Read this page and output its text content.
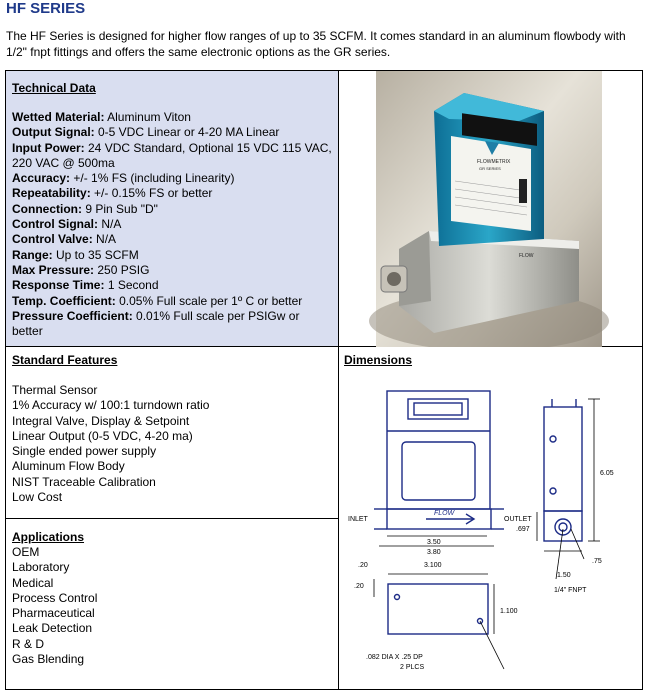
HF SERIES
The HF Series is designed for higher flow ranges of up to 35 SCFM. It comes standard in an aluminum flowbody with 1/2" fnpt fittings and offers the same electronic options as the GR series.
Technical Data
Wetted Material: Aluminum Viton
Output Signal: 0-5 VDC Linear or 4-20 MA Linear
Input Power: 24 VDC Standard, Optional 15 VDC 115 VAC, 220 VAC @ 500ma
Accuracy: +/- 1% FS (including Linearity)
Repeatability: +/- 0.15% FS or better
Connection: 9 Pin Sub "D"
Control Signal: N/A
Control Valve: N/A
Range: Up to 35 SCFM
Max Pressure: 250 PSIG
Response Time: 1 Second
Temp. Coefficient: 0.05% Full scale per 1º C or better
Pressure Coefficient: 0.01% Full scale per PSIGw or better
FLOWMETRIX
GR SERIES
FLOW
Standard Features
Thermal Sensor
1% Accuracy w/ 100:1 turndown ratio
Integral Valve, Display & Setpoint
Linear Output (0-5 VDC, 4-20 ma)
Single ended power supply
Aluminum Flow Body
NIST Traceable Calibration
Low Cost
Applications
OEM
Laboratory
Medical
Process Control
Pharmaceutical
Leak Detection
R & D
Gas Blending
Dimensions
INLET	OUTLET
FLOW
3.50
3.80
6.05
.697
.75
1.50
1/4" FNPT
.20	3.100
.20
1.100
.082 DIA X .25 DP
2 PLCS
